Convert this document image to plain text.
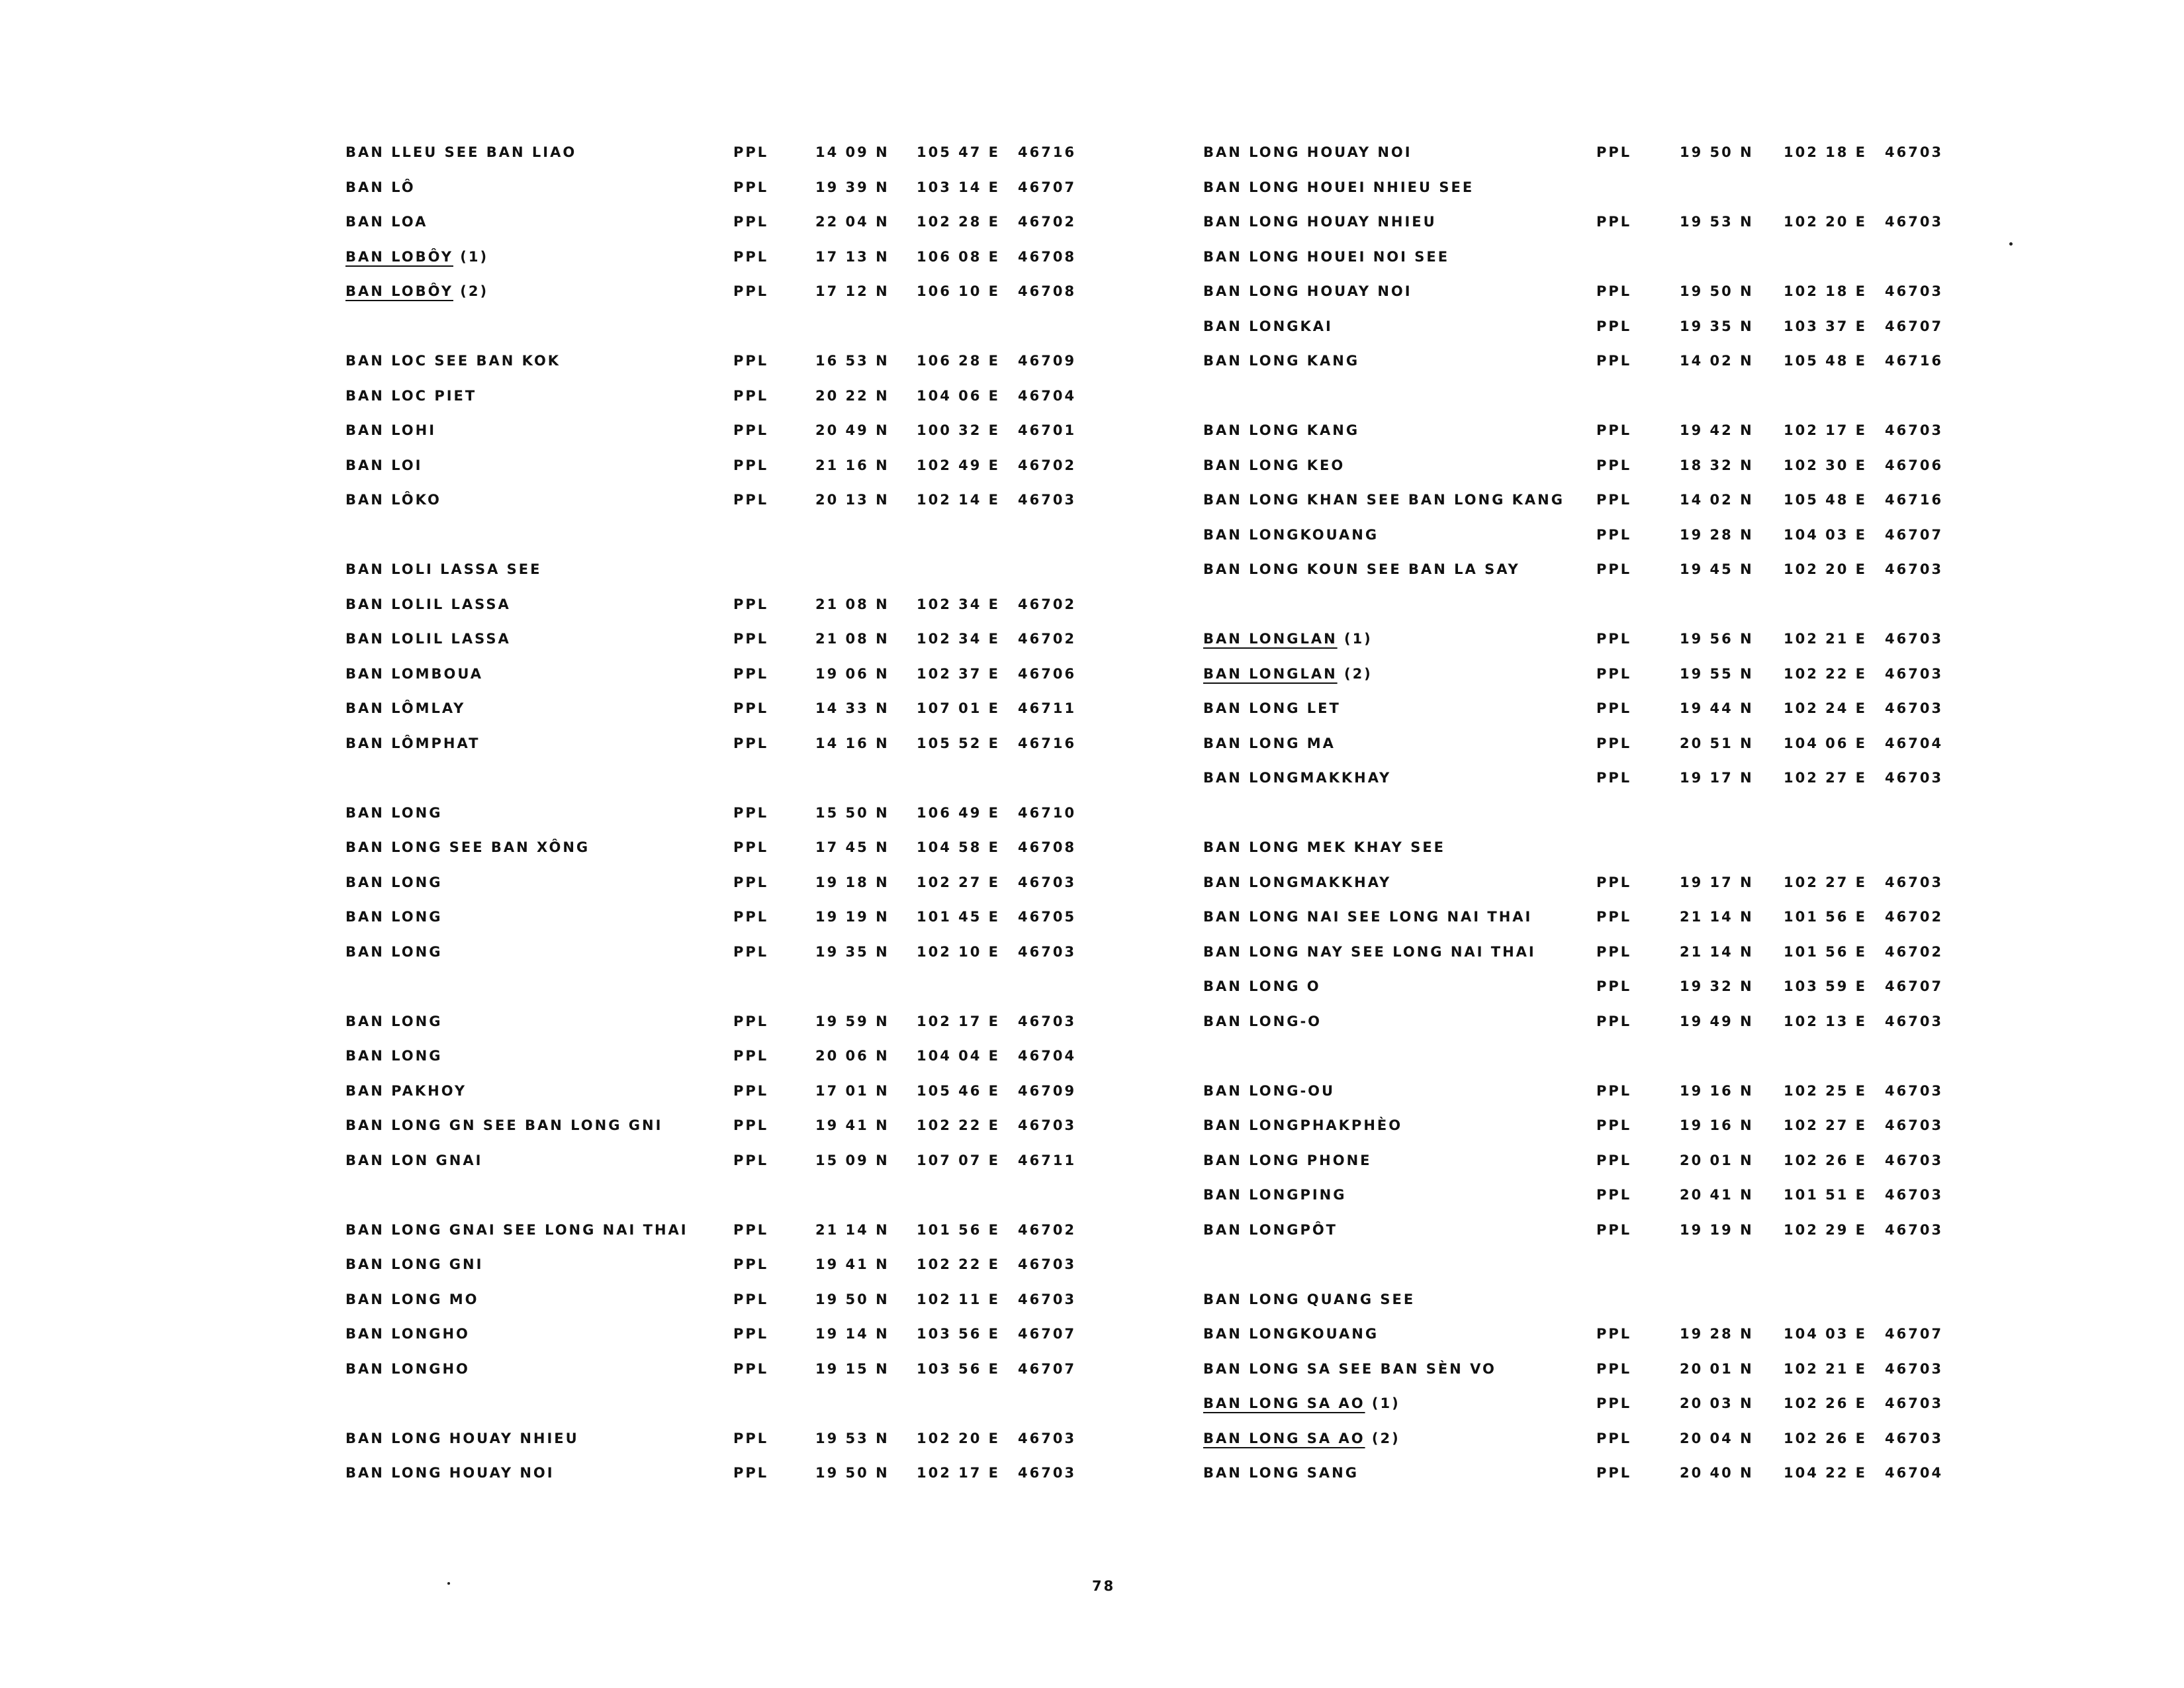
BAN LLEU SEE BAN LIAO	PPL	14 09 N 105 47 E 46716
BAN LÔ	PPL	19 39 N 103 14 E 46707
BAN LOA	PPL	22 04 N 102 28 E 46702
BAN LOBÔY (1)	PPL	17 13 N 106 08 E 46708
BAN LOBÔY (2)	PPL	17 12 N 106 10 E 46708
BAN LOC SEE BAN KOK	PPL	16 53 N 106 28 E 46709
BAN LOC PIET	PPL	20 22 N 104 06 E 46704
BAN LOHI	PPL	20 49 N 100 32 E 46701
BAN LOI	PPL	21 16 N 102 49 E 46702
BAN LÔKO	PPL	20 13 N 102 14 E 46703
BAN LOLI LASSA SEE
BAN LOLIL LASSA	PPL	21 08 N 102 34 E 46702
BAN LOLIL LASSA	PPL	21 08 N 102 34 E 46702
BAN LOMBOUA	PPL	19 06 N 102 37 E 46706
BAN LÔMLAY	PPL	14 33 N 107 01 E 46711
BAN LÔMPHAT	PPL	14 16 N 105 52 E 46716
BAN LONG	PPL	15 50 N 106 49 E 46710
BAN LONG SEE BAN XÔNG	PPL	17 45 N 104 58 E 46708
BAN LONG	PPL	19 18 N 102 27 E 46703
BAN LONG	PPL	19 19 N 101 45 E 46705
BAN LONG	PPL	19 35 N 102 10 E 46703
BAN LONG	PPL	19 59 N 102 17 E 46703
BAN LONG	PPL	20 06 N 104 04 E 46704
BAN PAKHOY	PPL	17 01 N 105 46 E 46709
BAN LONG GN SEE BAN LONG GNI	PPL	19 41 N 102 22 E 46703
BAN LON GNAI	PPL	15 09 N 107 07 E 46711
BAN LONG GNAI SEE LONG NAI THAI	PPL	21 14 N 101 56 E 46702
BAN LONG GNI	PPL	19 41 N 102 22 E 46703
BAN LONG MO	PPL	19 50 N 102 11 E 46703
BAN LONGHO	PPL	19 14 N 103 56 E 46707
BAN LONGHO	PPL	19 15 N 103 56 E 46707
BAN LONG HOUAY NHIEU	PPL	19 53 N 102 20 E 46703
BAN LONG HOUAY NOI	PPL	19 50 N 102 17 E 46703
BAN LONG HOUAY NOI	PPL	19 50 N 102 18 E 46703
BAN LONG HOUEI NHIEU SEE
BAN LONG HOUAY NHIEU	PPL	19 53 N 102 20 E 46703
BAN LONG HOUEI NOI SEE
BAN LONG HOUAY NOI	PPL	19 50 N 102 18 E 46703
BAN LONGKAI	PPL	19 35 N 103 37 E 46707
BAN LONG KANG	PPL	14 02 N 105 48 E 46716
BAN LONG KANG	PPL	19 42 N 102 17 E 46703
BAN LONG KEO	PPL	18 32 N 102 30 E 46706
BAN LONG KHAN SEE BAN LONG KANG PPL	14 02 N 105 48 E 46716
BAN LONGKOUANG	PPL	19 28 N 104 03 E 46707
BAN LONG KOUN SEE BAN LA SAY	PPL	19 45 N 102 20 E 46703
BAN LONGLAN (1)	PPL	19 56 N 102 21 E 46703
BAN LONGLAN (2)	PPL	19 55 N 102 22 E 46703
BAN LONG LET	PPL	19 44 N 102 24 E 46703
BAN LONG MA	PPL	20 51 N 104 06 E 46704
BAN LONGMAKKHAY	PPL	19 17 N 102 27 E 46703
BAN LONG MEK KHAY SEE
BAN LONGMAKKHAY	PPL	19 17 N 102 27 E 46703
BAN LONG NAI SEE LONG NAI THAI	PPL	21 14 N 101 56 E 46702
BAN LONG NAY SEE LONG NAI THAI	PPL	21 14 N 101 56 E 46702
BAN LONG O	PPL	19 32 N 103 59 E 46707
BAN LONG-O	PPL	19 49 N 102 13 E 46703
BAN LONG-OU	PPL	19 16 N 102 25 E 46703
BAN LONGPHAKPHÈO	PPL	19 16 N 102 27 E 46703
BAN LONG PHONE	PPL	20 01 N 102 26 E 46703
BAN LONGPING	PPL	20 41 N 101 51 E 46703
BAN LONGPÔT	PPL	19 19 N 102 29 E 46703
BAN LONG QUANG SEE
BAN LONGKOUANG	PPL	19 28 N 104 03 E 46707
BAN LONG SA SEE BAN SÈN VO	PPL	20 01 N 102 21 E 46703
BAN LONG SA AO (1)	PPL	20 03 N 102 26 E 46703
BAN LONG SA AO (2)	PPL	20 04 N 102 26 E 46703
BAN LONG SANG	PPL	20 40 N 104 22 E 46704
78
